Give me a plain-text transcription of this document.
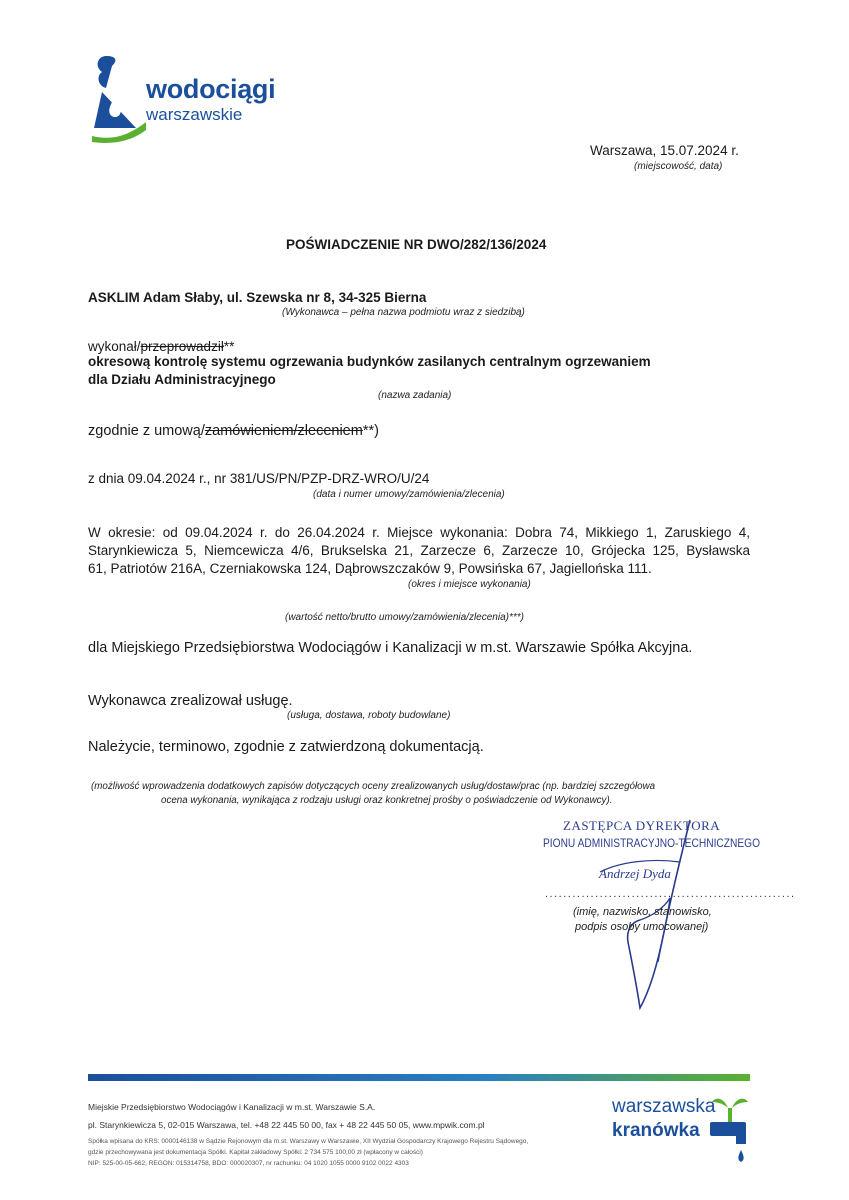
wodociągi
warszawskie
Warszawa, 15.07.2024 r.
(miejscowość, data)
POŚWIADCZENIE NR DWO/282/136/2024
ASKLIM Adam Słaby, ul. Szewska nr 8, 34-325 Bierna
(Wykonawca – pełna nazwa podmiotu wraz z siedzibą)
wykonał/przeprowadził**
okresową kontrolę systemu ogrzewania budynków zasilanych centralnym ogrzewaniem
dla Działu Administracyjnego
(nazwa zadania)
zgodnie z umową/zamówieniem/zleceniem**)
z dnia 09.04.2024 r., nr 381/US/PN/PZP-DRZ-WRO/U/24
(data i numer umowy/zamówienia/zlecenia)
W okresie: od 09.04.2024 r. do 26.04.2024 r. Miejsce wykonania: Dobra 74, Mikkiego 1, Zaruskiego 4,
Starynkiewicza 5, Niemcewicza 4/6, Brukselska 21, Zarzecze 6, Zarzecze 10, Grójecka 125, Bysławska
61, Patriotów 216A, Czerniakowska 124, Dąbrowszczaków 9, Powsińska 67, Jagiellońska 111.
(okres i miejsce wykonania)
(wartość netto/brutto umowy/zamówienia/zlecenia)***)
dla Miejskiego Przedsiębiorstwa Wodociągów i Kanalizacji w m.st. Warszawie Spółka Akcyjna.
Wykonawca zrealizował usługę.
(usługa, dostawa, roboty budowlane)
Należycie, terminowo, zgodnie z zatwierdzoną dokumentacją.
(możliwość wprowadzenia dodatkowych zapisów dotyczących oceny zrealizowanych usług/dostaw/prac (np. bardziej szczegółowa
ocena wykonania, wynikająca z rodzaju usługi oraz konkretnej prośby o poświadczenie od Wykonawcy).
ZASTĘPCA DYREKTORA
PIONU ADMINISTRACYJNO-TECHNICZNEGO
Andrzej Dyda
.......................................................
(imię, nazwisko, stanowisko,
podpis osoby umocowanej)
Miejskie Przedsiębiorstwo Wodociągów i Kanalizacji w m.st. Warszawie S.A.
pl. Starynkiewicza 5, 02-015 Warszawa, tel. +48 22 445 50 00, fax + 48 22 445 50 05, www.mpwik.com.pl
Spółka wpisana do KRS: 0000146138 w Sądzie Rejonowym dla m.st. Warszawy w Warszawie, XII Wydział Gospodarczy Krajowego Rejestru Sądowego,
gdzie przechowywana jest dokumentacja Spółki. Kapitał zakładowy Spółki: 2 734 575 100,00 zł (wpłacony w całości)
NIP: 525-00-05-662, REGON: 015314758, BDO: 000020307, nr rachunku: 04 1020 1055 0000 9102 0022 4303
warszawska
kranówka
